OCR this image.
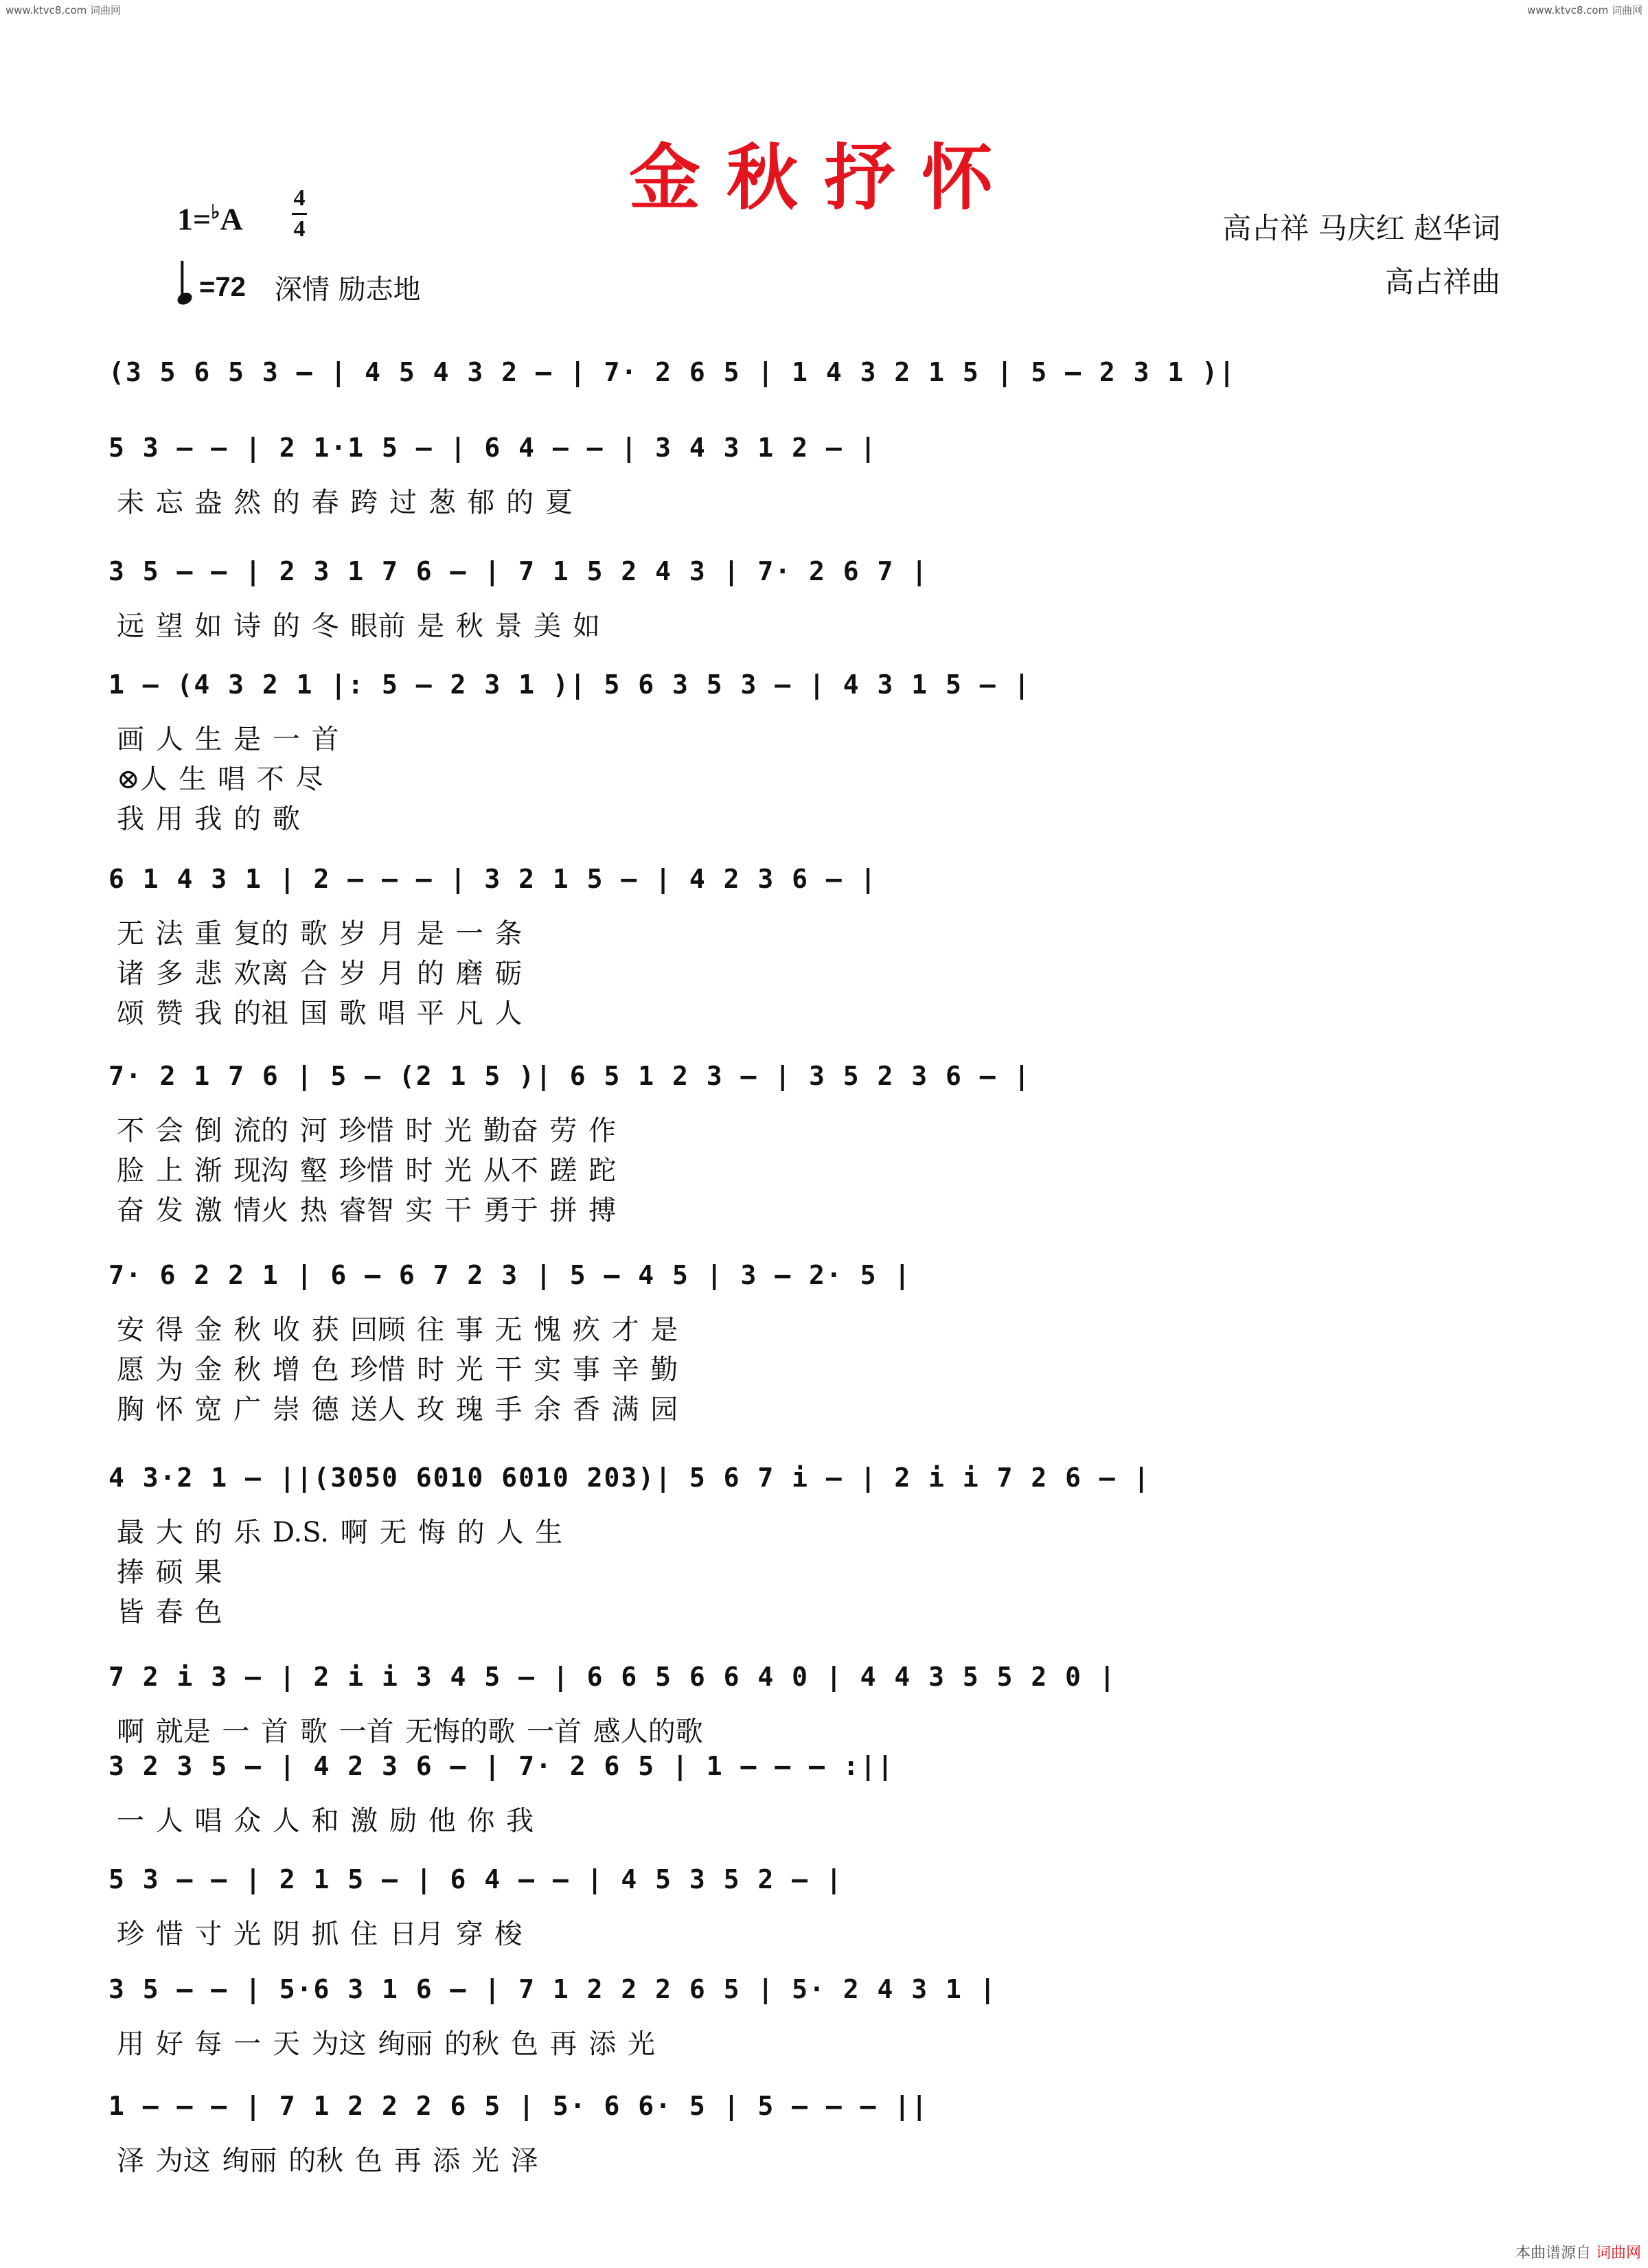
www.ktvc8.com 词曲网	www.ktvc8.com 词曲网
本曲谱源自 词曲网
金秋抒怀
1=♭A
4
4
=72 深情 励志地
高占祥 马庆红 赵华词
高占祥曲
(3 5 6 5 3 – | 4 5 4 3 2 – | 7· 2 6 5 | 1 4 3 2 1 5 | 5 – 2 3 1 )|
5 3 – – | 2 1·1 5 – | 6 4 – – | 3 4 3 1 2 – |
未 忘 盎 然 的 春 跨 过 葱 郁 的 夏
3 5 – – | 2 3 1 7 6 – | 7 1 5 2 4 3 | 7· 2 6 7 |
远 望 如 诗 的 冬 眼前 是 秋 景 美 如
1 – (4 3 2 1 |: 5 – 2 3 1 )| 5 6 3 5 3 – | 4 3 1 5 – |
画 人 生 是 一 首
⊗人 生 唱 不 尽
我 用 我 的 歌
6 1 4 3 1 | 2 – – – | 3 2 1 5 – | 4 2 3 6 – |
无 法 重 复的 歌 岁 月 是 一 条
诸 多 悲 欢离 合 岁 月 的 磨 砺
颂 赞 我 的祖 国 歌 唱 平 凡 人
7· 2 1 7 6 | 5 – (2 1 5 )| 6 5 1 2 3 – | 3 5 2 3 6 – |
不 会 倒 流的 河 珍惜 时 光 勤奋 劳 作
脸 上 渐 现沟 壑 珍惜 时 光 从不 蹉 跎
奋 发 激 情火 热 睿智 实 干 勇于 拼 搏
7· 6 2 2 1 | 6 – 6 7 2 3 | 5 – 4 5 | 3 – 2· 5 |
安 得 金 秋 收 获 回顾 往 事 无 愧 疚 才 是
愿 为 金 秋 增 色 珍惜 时 光 干 实 事 辛 勤
胸 怀 宽 广 崇 德 送人 玫 瑰 手 余 香 满 园
4 3·2 1 – ||(3050 6010 6010 203)| 5 6 7 i – | 2 i i 7 2 6 – |
最 大 的 乐 D.S. 啊 无 悔 的 人 生
捧 硕 果
皆 春 色
7 2 i 3 – | 2 i i 3 4 5 – | 6 6 5 6 6 4 0 | 4 4 3 5 5 2 0 |
啊 就是 一 首 歌 一首 无悔的歌 一首 感人的歌
3 2 3 5 – | 4 2 3 6 – | 7· 2 6 5 | 1 – – – :||
一 人 唱 众 人 和 激 励 他 你 我
5 3 – – | 2 1 5 – | 6 4 – – | 4 5 3 5 2 – |
珍 惜 寸 光 阴 抓 住 日月 穿 梭
3 5 – – | 5·6 3 1 6 – | 7 1 2 2 2 6 5 | 5· 2 4 3 1 |
用 好 每 一 天 为这 绚丽 的秋 色 再 添 光
1 – – – | 7 1 2 2 2 6 5 | 5· 6 6· 5 | 5 – – – ||
泽 为这 绚丽 的秋 色 再 添 光 泽
